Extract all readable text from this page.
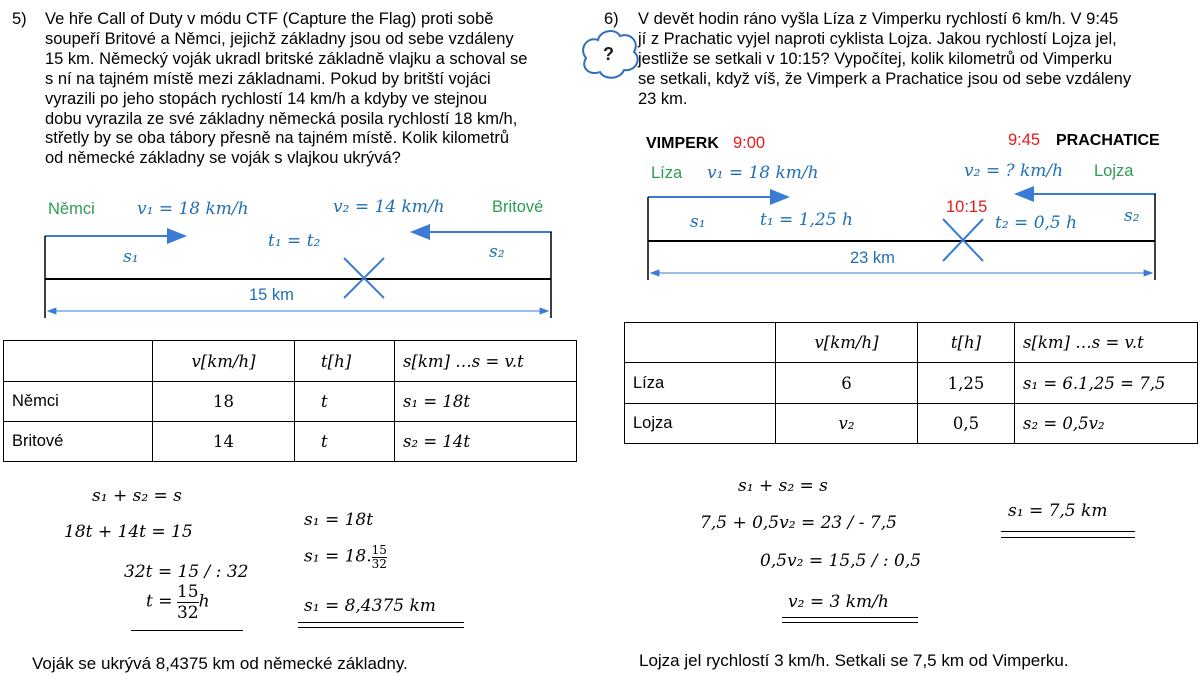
5) Ve hře Call of Duty v módu CTF (Capture the Flag) proti sobě
soupeří Britové a Němci, jejichž základny jsou od sebe vzdáleny
15 km. Německý voják ukradl britské základně vlajku a schoval se
s ní na tajném místě mezi základnami. Pokud by britští vojáci
vyrazili po jeho stopách rychlostí 14 km/h a kdyby ve stejnou
dobu vyrazila ze své základny německá posila rychlostí 18 km/h,
střetly by se oba tábory přesně na tajném místě. Kolik kilometrů
od německé základny se voják s vlajkou ukrývá?
Němci v₁ = 18 km/h	v₂ = 14 km/h	Britové
t₁ = t₂
s₁	s₂
15 km
	v[km/h]	t[h]	s[km] …s = v.t
Němci	18	t	s₁ = 18t
Britové	14	t	s₂ = 14t
s₁ + s₂ = s
18t + 14t = 15
32t = 15 / : 32
$t = \frac{15}{32}$ h
s₁ = 18t
s₁ = 18. $\frac{15}{32}$
s₁ = 8,4375 km
Voják se ukrývá 8,4375 km od německé základny.
6)
?
V devět hodin ráno vyšla Líza z Vimperku rychlostí 6 km/h. V 9:45
jí z Prachatic vyjel naproti cyklista Lojza. Jakou rychlostí Lojza jel,
jestliže se setkali v 10:15? Vypočítej, kolik kilometrů od Vimperku
se setkali, když víš, že Vimperk a Prachatice jsou od sebe vzdáleny
23 km.
VIMPERK 9:00	9:45 PRACHATICE
Líza v₁ = 18 km/h	v₂ = ? km/h Lojza
10:15
s₁	t₁ = 1,25 h	t₂ = 0,5 h	s₂
23 km
	v[km/h]	t[h]	s[km] …s = v.t
Líza	6	1,25	s₁ = 6.1,25 = 7,5
Lojza	v₂	0,5	s₂ = 0,5v₂
s₁ + s₂ = s
7,5 + 0,5v₂ = 23 / - 7,5
0,5v₂ = 15,5 / : 0,5
v₂ = 3 km/h
s₁ = 7,5 km
Lojza jel rychlostí 3 km/h. Setkali se 7,5 km od Vimperku.
